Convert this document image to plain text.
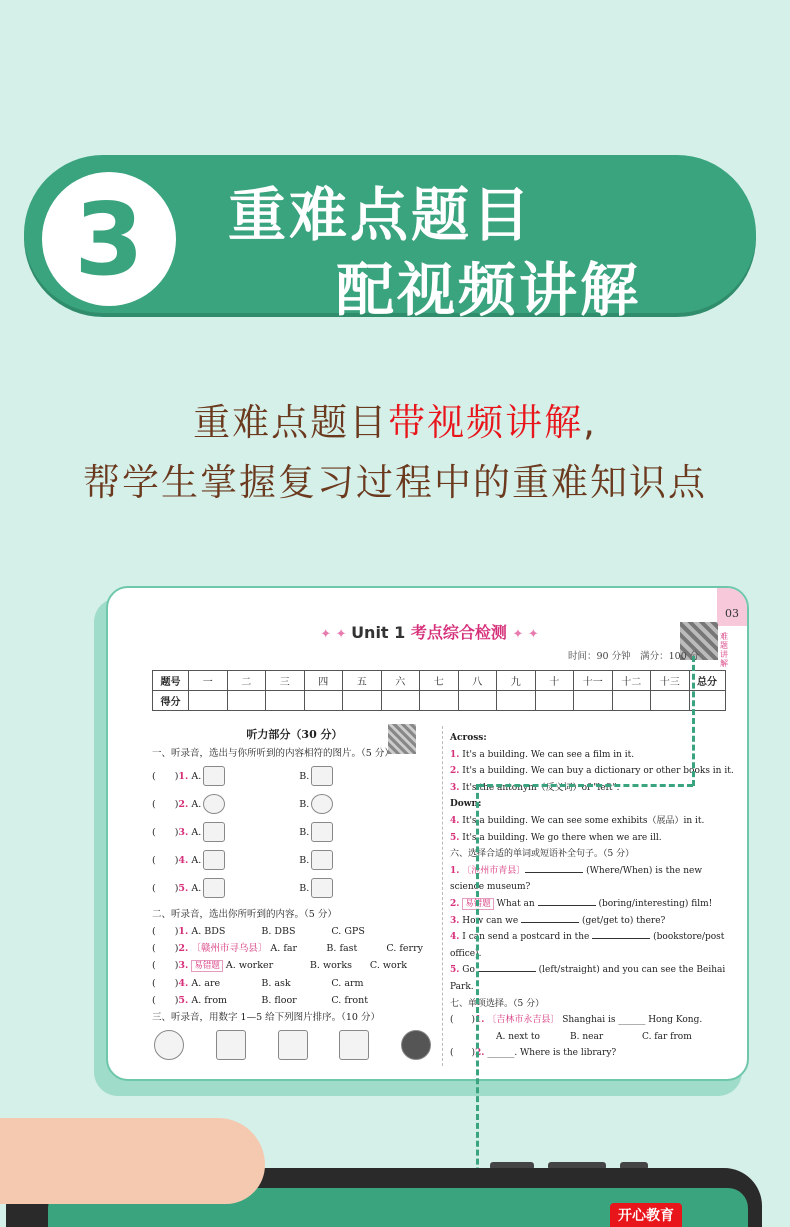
3	重难点题目
配视频讲解
重难点题目带视频讲解,
帮学生掌握复习过程中的重难知识点
03
✦ ✦ Unit 1 考点综合检测 ✦ ✦	难题讲解
时间：90 分钟　满分：100 分
题号	一	二	三	四	五	六	七	八	九	十	十一	十二	十三	总分
得分														
听力部分（30 分）
一、听录音，选出与你所听到的内容相符的图片。（5 分）
(　　) 1.
A.	B.
(　　) 2.
A.	B.
(　　) 3.
A.	B.
(　　) 4.
A.	B.
(　　) 5.
A.	B.
二、听录音，选出你所听到的内容。（5 分）
(　　)1. A. BDS	B. DBS	C. GPS
(　　)2. 〔赣州市寻乌县〕 A. far	B. fast	C. ferry
(　　)3. 易错题 A. worker	B. works C. work
(　　)4. A. are	B. ask	C. arm
(　　)5. A. from	B. floor	C. front
三、听录音，用数字 1—5 给下列图片排序。（10 分）
Across:
1. It's a building. We can see a film in it.
2. It's a building. We can buy a dictionary or other books in it.
3. It's the antonym（反义词）of "left".
Down:
4. It's a building. We can see some exhibits（展品）in it.
5. It's a building. We go there when we are ill.
六、选择合适的单词或短语补全句子。（5 分）
1. 〔沧州市青县〕	(Where/When) is the new science museum?
2. 易错题 What an	(boring/interesting) film!
3. How can we	(get/get to) there?
4. I can send a postcard in the	(bookstore/post office).
5. Go	(left/straight) and you can see the Beihai Park.
七、单项选择。（5 分）
(　　)1. 〔吉林市永吉县〕 Shanghai is ______ Hong Kong.
A. next to	B. near	C. far from
(　　)2. ______. Where is the library?
开心教育
